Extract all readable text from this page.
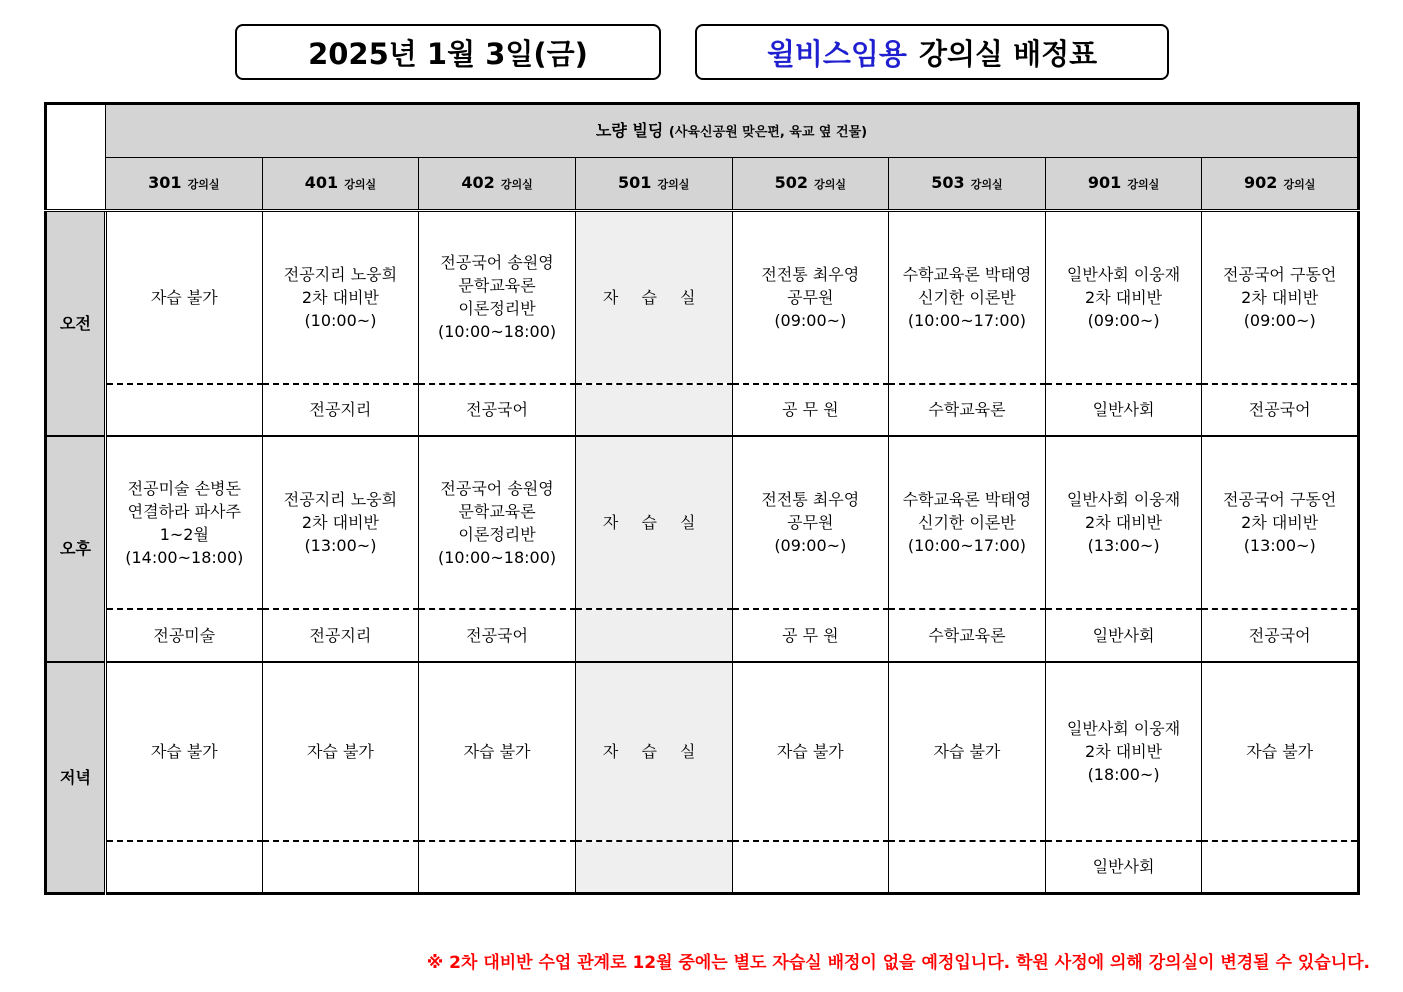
2025년 1월 3일(금)	윌비스임용 강의실 배정표
	노량 빌딩 (사육신공원 맞은편, 육교 옆 건물)							
	301 강의실	401 강의실	402 강의실	501 강의실	502 강의실	503 강의실	901 강의실	902 강의실
오전	자습 불가	전공지리 노웅희
2차 대비반
(10:00~)	전공국어 송원영
문학교육론
이론정리반
(10:00~18:00)	자 습 실	전전통 최우영
공무원
(09:00~)	수학교육론 박태영
신기한 이론반
(10:00~17:00)	일반사회 이웅재
2차 대비반
(09:00~)	전공국어 구동언
2차 대비반
(09:00~)
		전공지리	전공국어		공 무 원	수학교육론	일반사회	전공국어
오후	전공미술 손병돈
연결하라 파사주
1~2월
(14:00~18:00)	전공지리 노웅희
2차 대비반
(13:00~)	전공국어 송원영
문학교육론
이론정리반
(10:00~18:00)	자 습 실	전전통 최우영
공무원
(09:00~)	수학교육론 박태영
신기한 이론반
(10:00~17:00)	일반사회 이웅재
2차 대비반
(13:00~)	전공국어 구동언
2차 대비반
(13:00~)
	전공미술	전공지리	전공국어		공 무 원	수학교육론	일반사회	전공국어
저녁	자습 불가	자습 불가	자습 불가	자 습 실	자습 불가	자습 불가	일반사회 이웅재
2차 대비반
(18:00~)	자습 불가
							일반사회	
※ 2차 대비반 수업 관계로 12월 중에는 별도 자습실 배정이 없을 예정입니다. 학원 사정에 의해 강의실이 변경될 수 있습니다.
